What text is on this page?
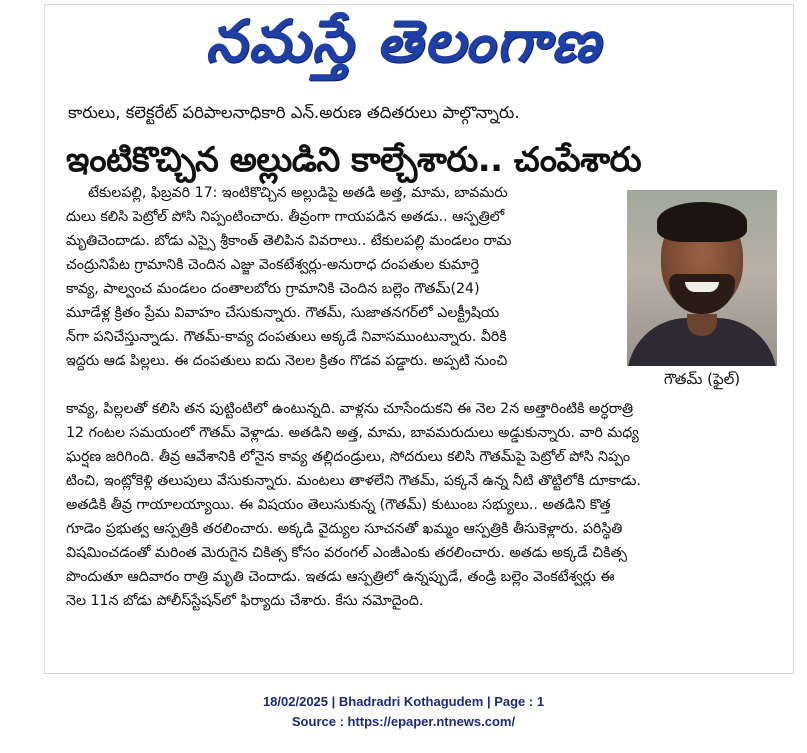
నమస్తే తెలంగాణ
కారులు, కలెక్టరేట్ పరిపాలనాధికారి ఎన్.అరుణ తదితరులు పాల్గొన్నారు.
ఇంటికొచ్చిన అల్లుడిని కాల్చేశారు.. చంపేశారు
గౌతమ్ (ఫైల్)
టేకులపల్లి, ఫిబ్రవరి 17: ఇంటికొచ్చిన అల్లుడిపై అతడి అత్త, మామ, బావమరు
దులు కలిసి పెట్రోల్ పోసి నిప్పంటించారు. తీవ్రంగా గాయపడిన అతడు.. ఆస్పత్రిలో
మృతిచెందాడు. బోడు ఎస్సై శ్రీకాంత్ తెలిపిన వివరాలు.. టేకులపల్లి మండలం రామ
చంద్రునిపేట గ్రామానికి చెందిన ఎజ్జు వెంకటేశ్వర్లు-అనురాధ దంపతుల కుమార్తె
కావ్య, పాల్వంచ మండలం దంతాలబోరు గ్రామానికి చెందిన బల్లెం గౌతమ్(24)
మూడేళ్ల క్రితం ప్రేమ వివాహం చేసుకున్నారు. గౌతమ్, సుజాతనగర్‌లో ఎలక్ట్రీషియ
న్‌గా పనిచేస్తున్నాడు. గౌతమ్-కావ్య దంపతులు అక్కడే నివాసముంటున్నారు. వీరికి
ఇద్దరు ఆడ పిల్లలు. ఈ దంపతులు ఐదు నెలల క్రితం గొడవ పడ్డారు. అప్పటి నుంచి
కావ్య, పిల్లలతో కలిసి తన పుట్టింటిలో ఉంటున్నది. వాళ్లను చూసేందుకని ఈ నెల 2న అత్తారింటికి అర్ధరాత్రి
12 గంటల సమయంలో గౌతమ్ వెళ్లాడు. అతడిని అత్త, మామ, బావమరుదులు అడ్డుకున్నారు. వారి మధ్య
ఘర్షణ జరిగింది. తీవ్ర ఆవేశానికి లోనైన కావ్య తల్లిదండ్రులు, సోదరులు కలిసి గౌతమ్‌పై పెట్రోల్ పోసి నిప్పం
టించి, ఇంట్లోకెళ్లి తలుపులు వేసుకున్నారు. మంటలు తాళలేని గౌతమ్, పక్కనే ఉన్న నీటి తొట్టిలోకి దూకాడు.
అతడికి తీవ్ర గాయాలయ్యాయి. ఈ విషయం తెలుసుకున్న (గౌతమ్) కుటుంబ సభ్యులు.. అతడిని కొత్త
గూడెం ప్రభుత్వ ఆస్పత్రికి తరలించారు. అక్కడి వైద్యుల సూచనతో ఖమ్మం ఆస్పత్రికి తీసుకెళ్లారు. పరిస్థితి
విషమించడంతో మరింత మెరుగైన చికిత్స కోసం వరంగల్ ఎంజీఎంకు తరలించారు. అతడు అక్కడే చికిత్స
పొందుతూ ఆదివారం రాత్రి మృతి చెందాడు. ఇతడు ఆస్పత్రిలో ఉన్నప్పుడే, తండ్రి బల్లెం వెంకటేశ్వర్లు ఈ
నెల 11న బోడు పోలీస్‌స్టేషన్‌లో ఫిర్యాదు చేశారు. కేసు నమోదైంది.
18/02/2025 | Bhadradri Kothagudem | Page : 1
Source : https://epaper.ntnews.com/
